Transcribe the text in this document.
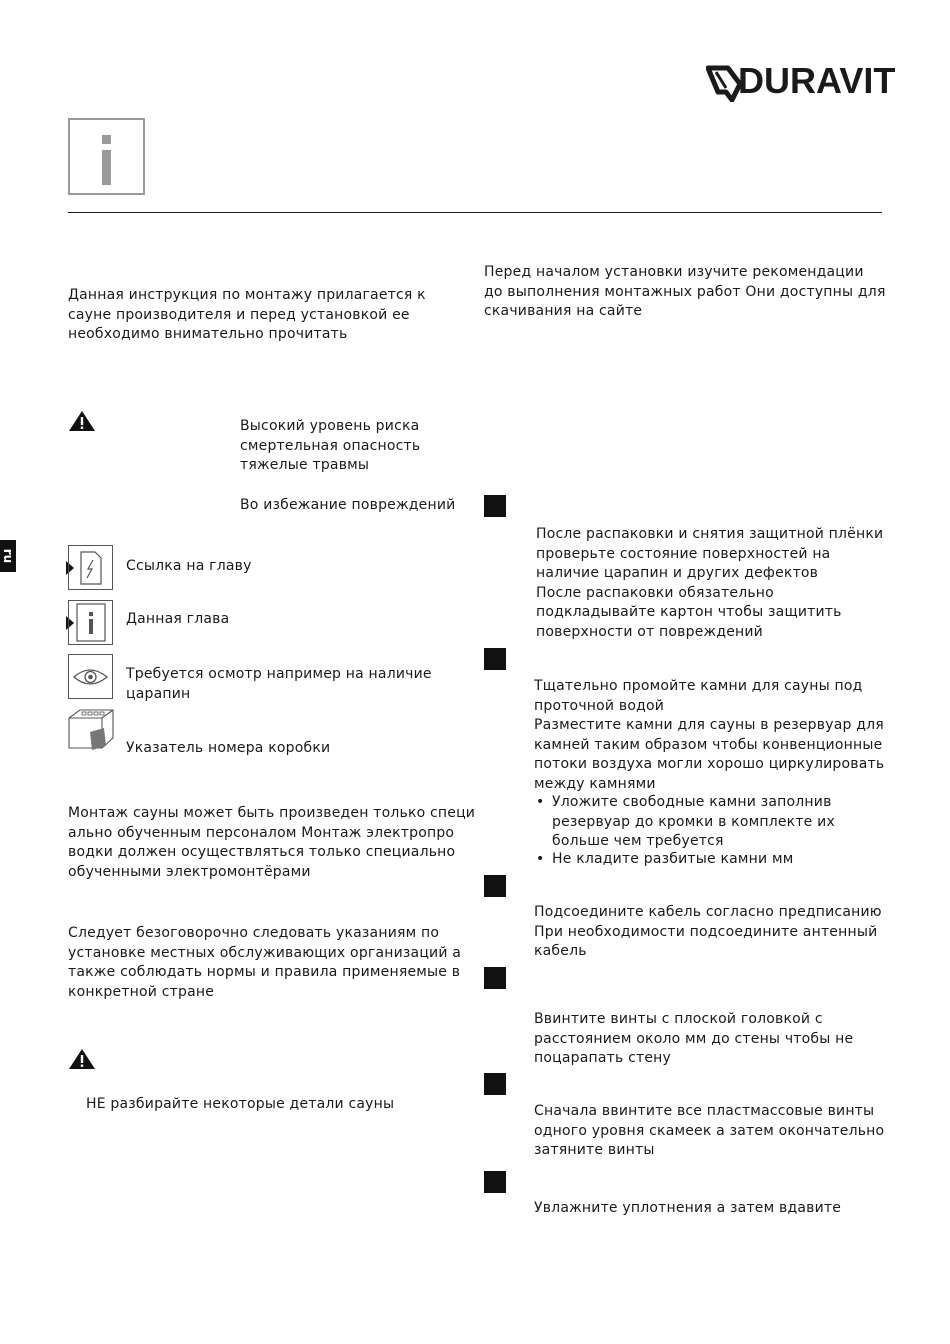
DURAVIT
ru
Данная инструкция по монтажу прилагается к
сауне производителя и перед установкой ее
необходимо внимательно прочитать
Высокий уровень риска
смертельная опасность
тяжелые травмы
Во избежание повреждений
Ссылка на главу
Данная глава
Требуется осмотр например на наличие
царапин
Указатель номера коробки
Монтаж сауны может быть произведен только специ
ально обученным персоналом Монтаж электропро
водки должен осуществляться только специально
обученными электромонтёрами
Следует безоговорочно следовать указаниям по
установке местных обслуживающих организаций а
также соблюдать нормы и правила применяемые в
конкретной стране
НЕ разбирайте некоторые детали сауны
Перед началом установки изучите рекомендации
до выполнения монтажных работ Они доступны для
скачивания на сайте
После распаковки и снятия защитной плёнки
проверьте состояние поверхностей на
наличие царапин и других дефектов
После распаковки обязательно
подкладывайте картон чтобы защитить
поверхности от повреждений
Тщательно промойте камни для сауны под
проточной водой
Разместите камни для сауны в резервуар для
камней таким образом чтобы конвенционные
потоки воздуха могли хорошо циркулировать
между камнями
• Уложите свободные камни заполнив
резервуар до кромки в комплекте их
больше чем требуется
• Не кладите разбитые камни мм
Подсоедините кабель согласно предписанию
При необходимости подсоедините антенный
кабель
Ввинтите винты с плоской головкой с
расстоянием около мм до стены чтобы не
поцарапать стену
Сначала ввинтите все пластмассовые винты
одного уровня скамеек а затем окончательно
затяните винты
Увлажните уплотнения а затем вдавите
